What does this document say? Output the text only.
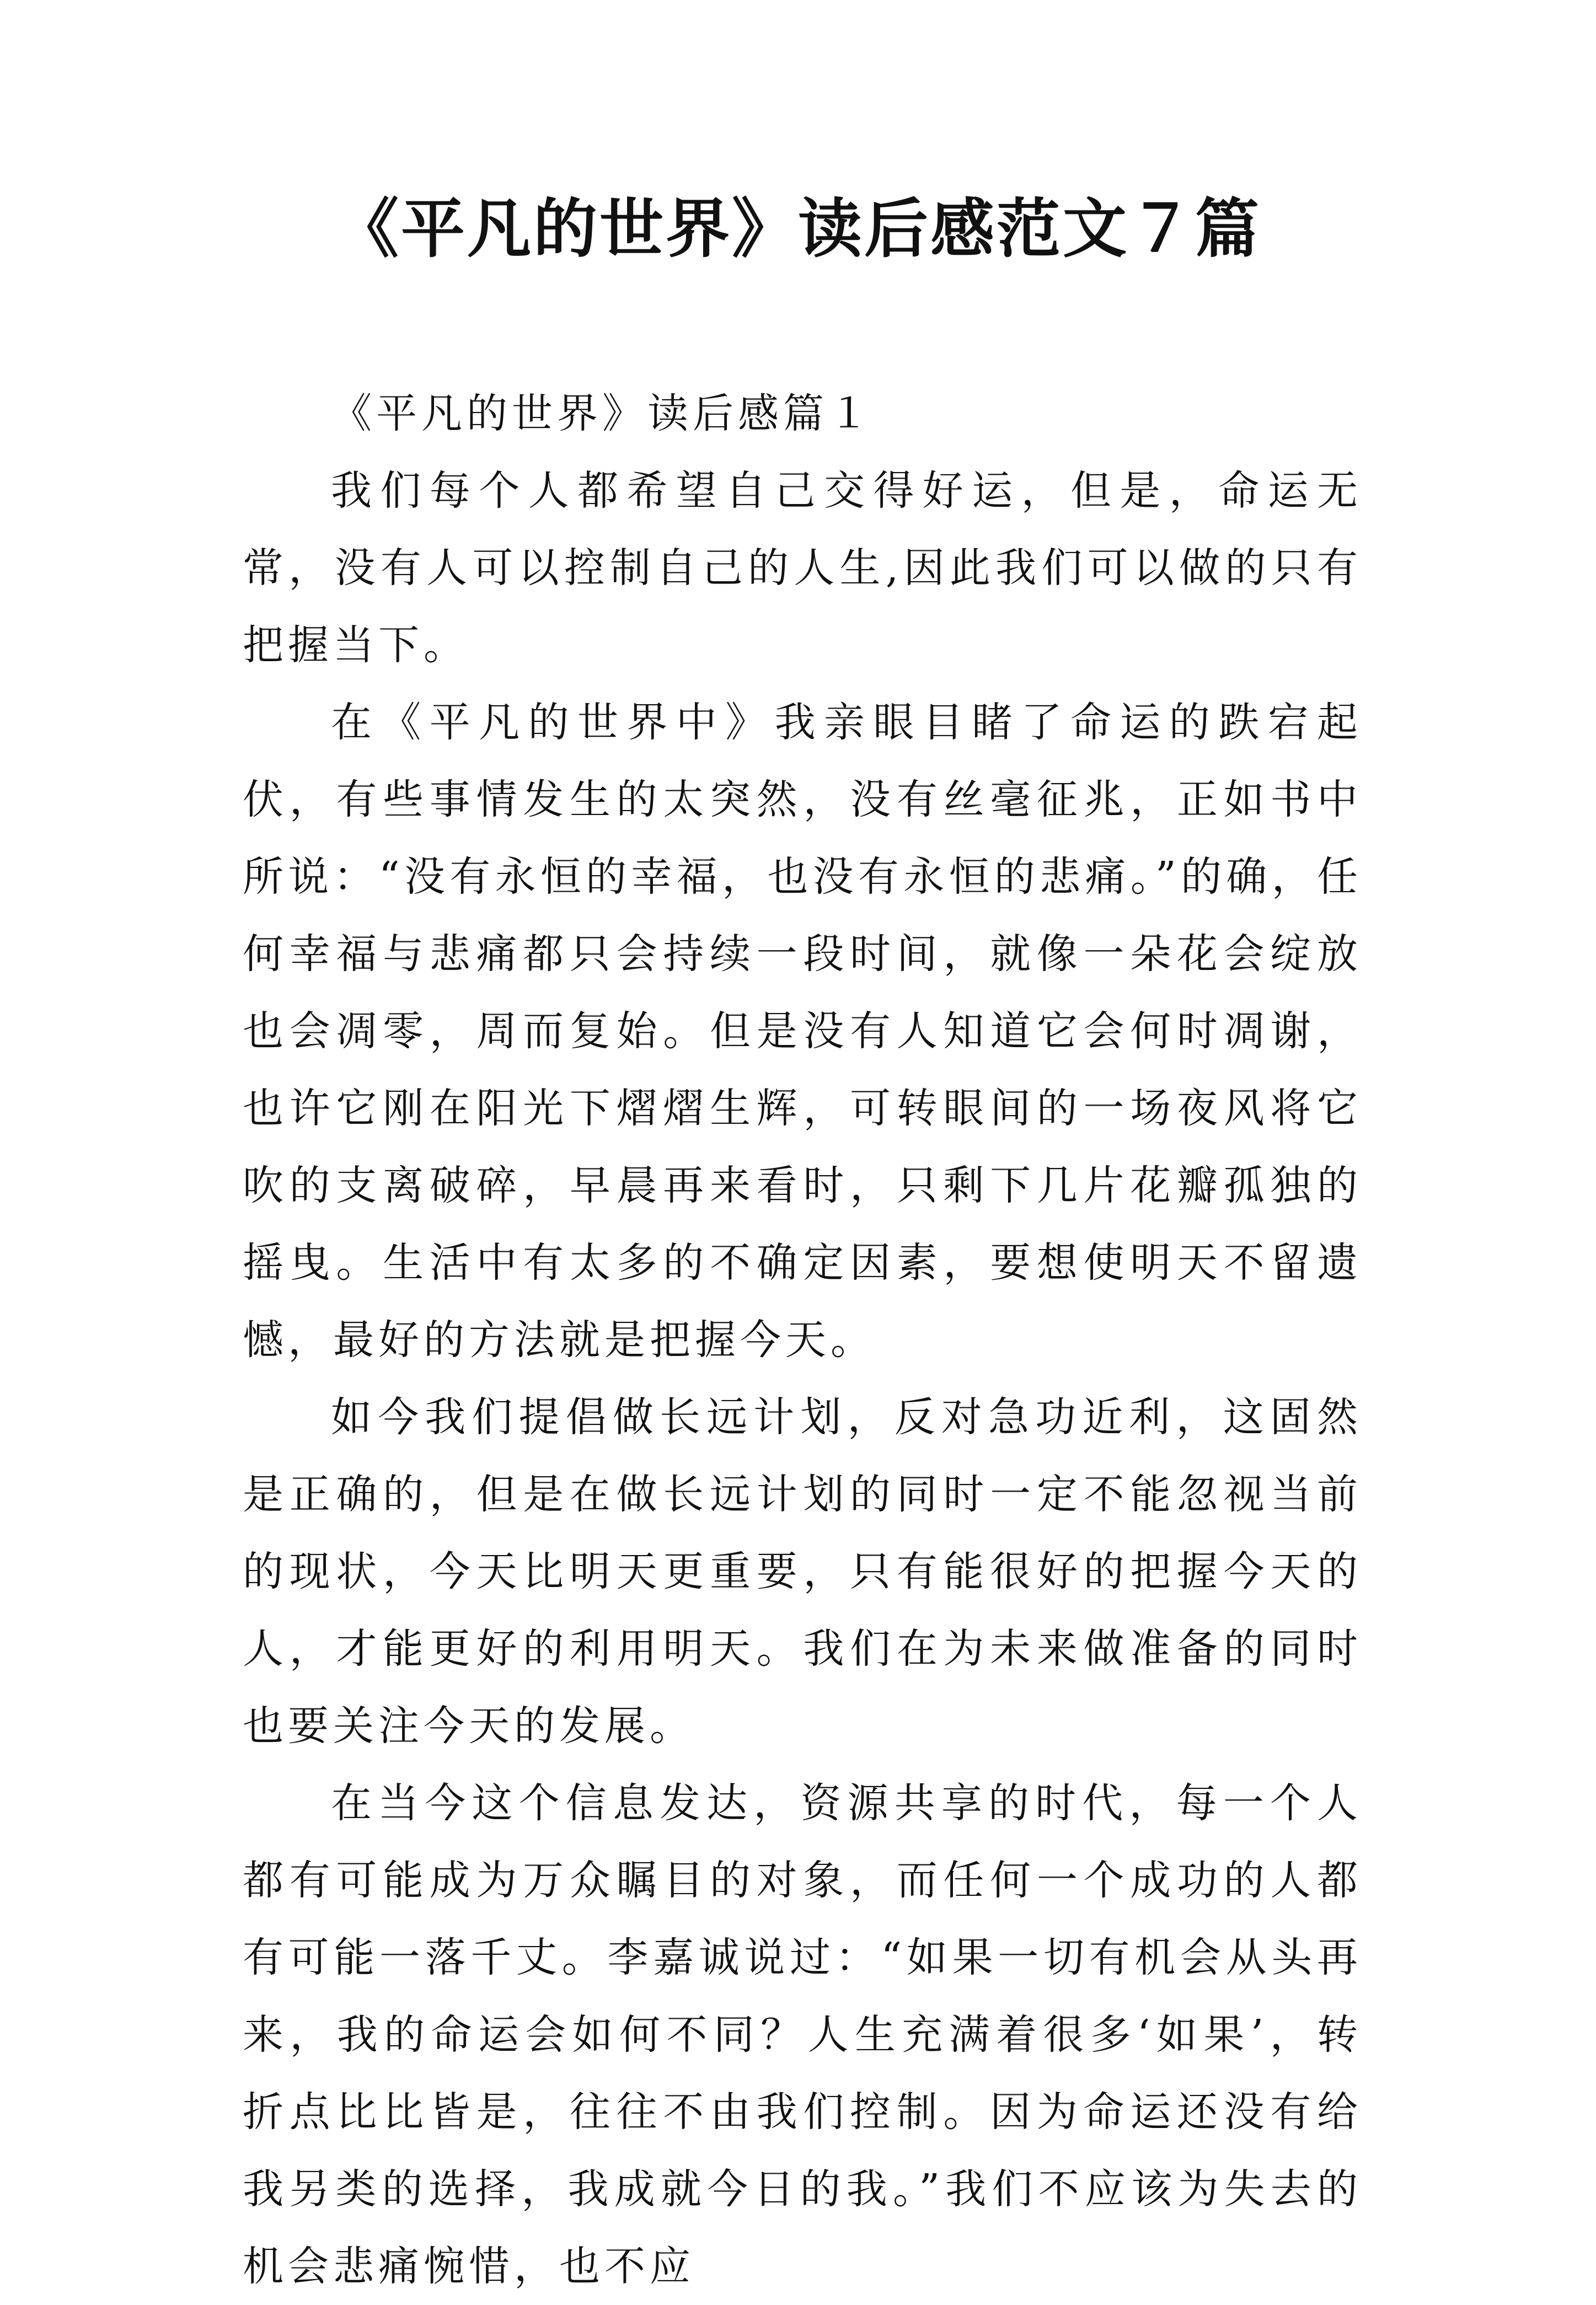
《平凡的世界》读后感范文７篇

《平凡的世界》读后感篇１

我们每个人都希望自己交得好运，但是，命运无常，没有人可以控制自己的人生,因此我们可以做的只有把握当下。

在《平凡的世界中》我亲眼目睹了命运的跌宕起伏，有些事情发生的太突然，没有丝毫征兆，正如书中所说：“没有永恒的幸福，也没有永恒的悲痛。”的确，任何幸福与悲痛都只会持续一段时间，就像一朵花会绽放也会凋零，周而复始。但是没有人知道它会何时凋谢，也许它刚在阳光下熠熠生辉，可转眼间的一场夜风将它吹的支离破碎，早晨再来看时，只剩下几片花瓣孤独的摇曳。生活中有太多的不确定因素，要想使明天不留遗憾，最好的方法就是把握今天。

如今我们提倡做长远计划，反对急功近利，这固然是正确的，但是在做长远计划的同时一定不能忽视当前的现状，今天比明天更重要，只有能很好的把握今天的人，才能更好的利用明天。我们在为未来做准备的同时也要关注今天的发展。

在当今这个信息发达，资源共享的时代，每一个人都有可能成为万众瞩目的对象，而任何一个成功的人都有可能一落千丈。李嘉诚说过：“如果一切有机会从头再来，我的命运会如何不同？人生充满着很多‘如果’，转折点比比皆是，往往不由我们控制。因为命运还没有给我另类的选择，我成就今日的我。”我们不应该为失去的机会悲痛惋惜，也不应
